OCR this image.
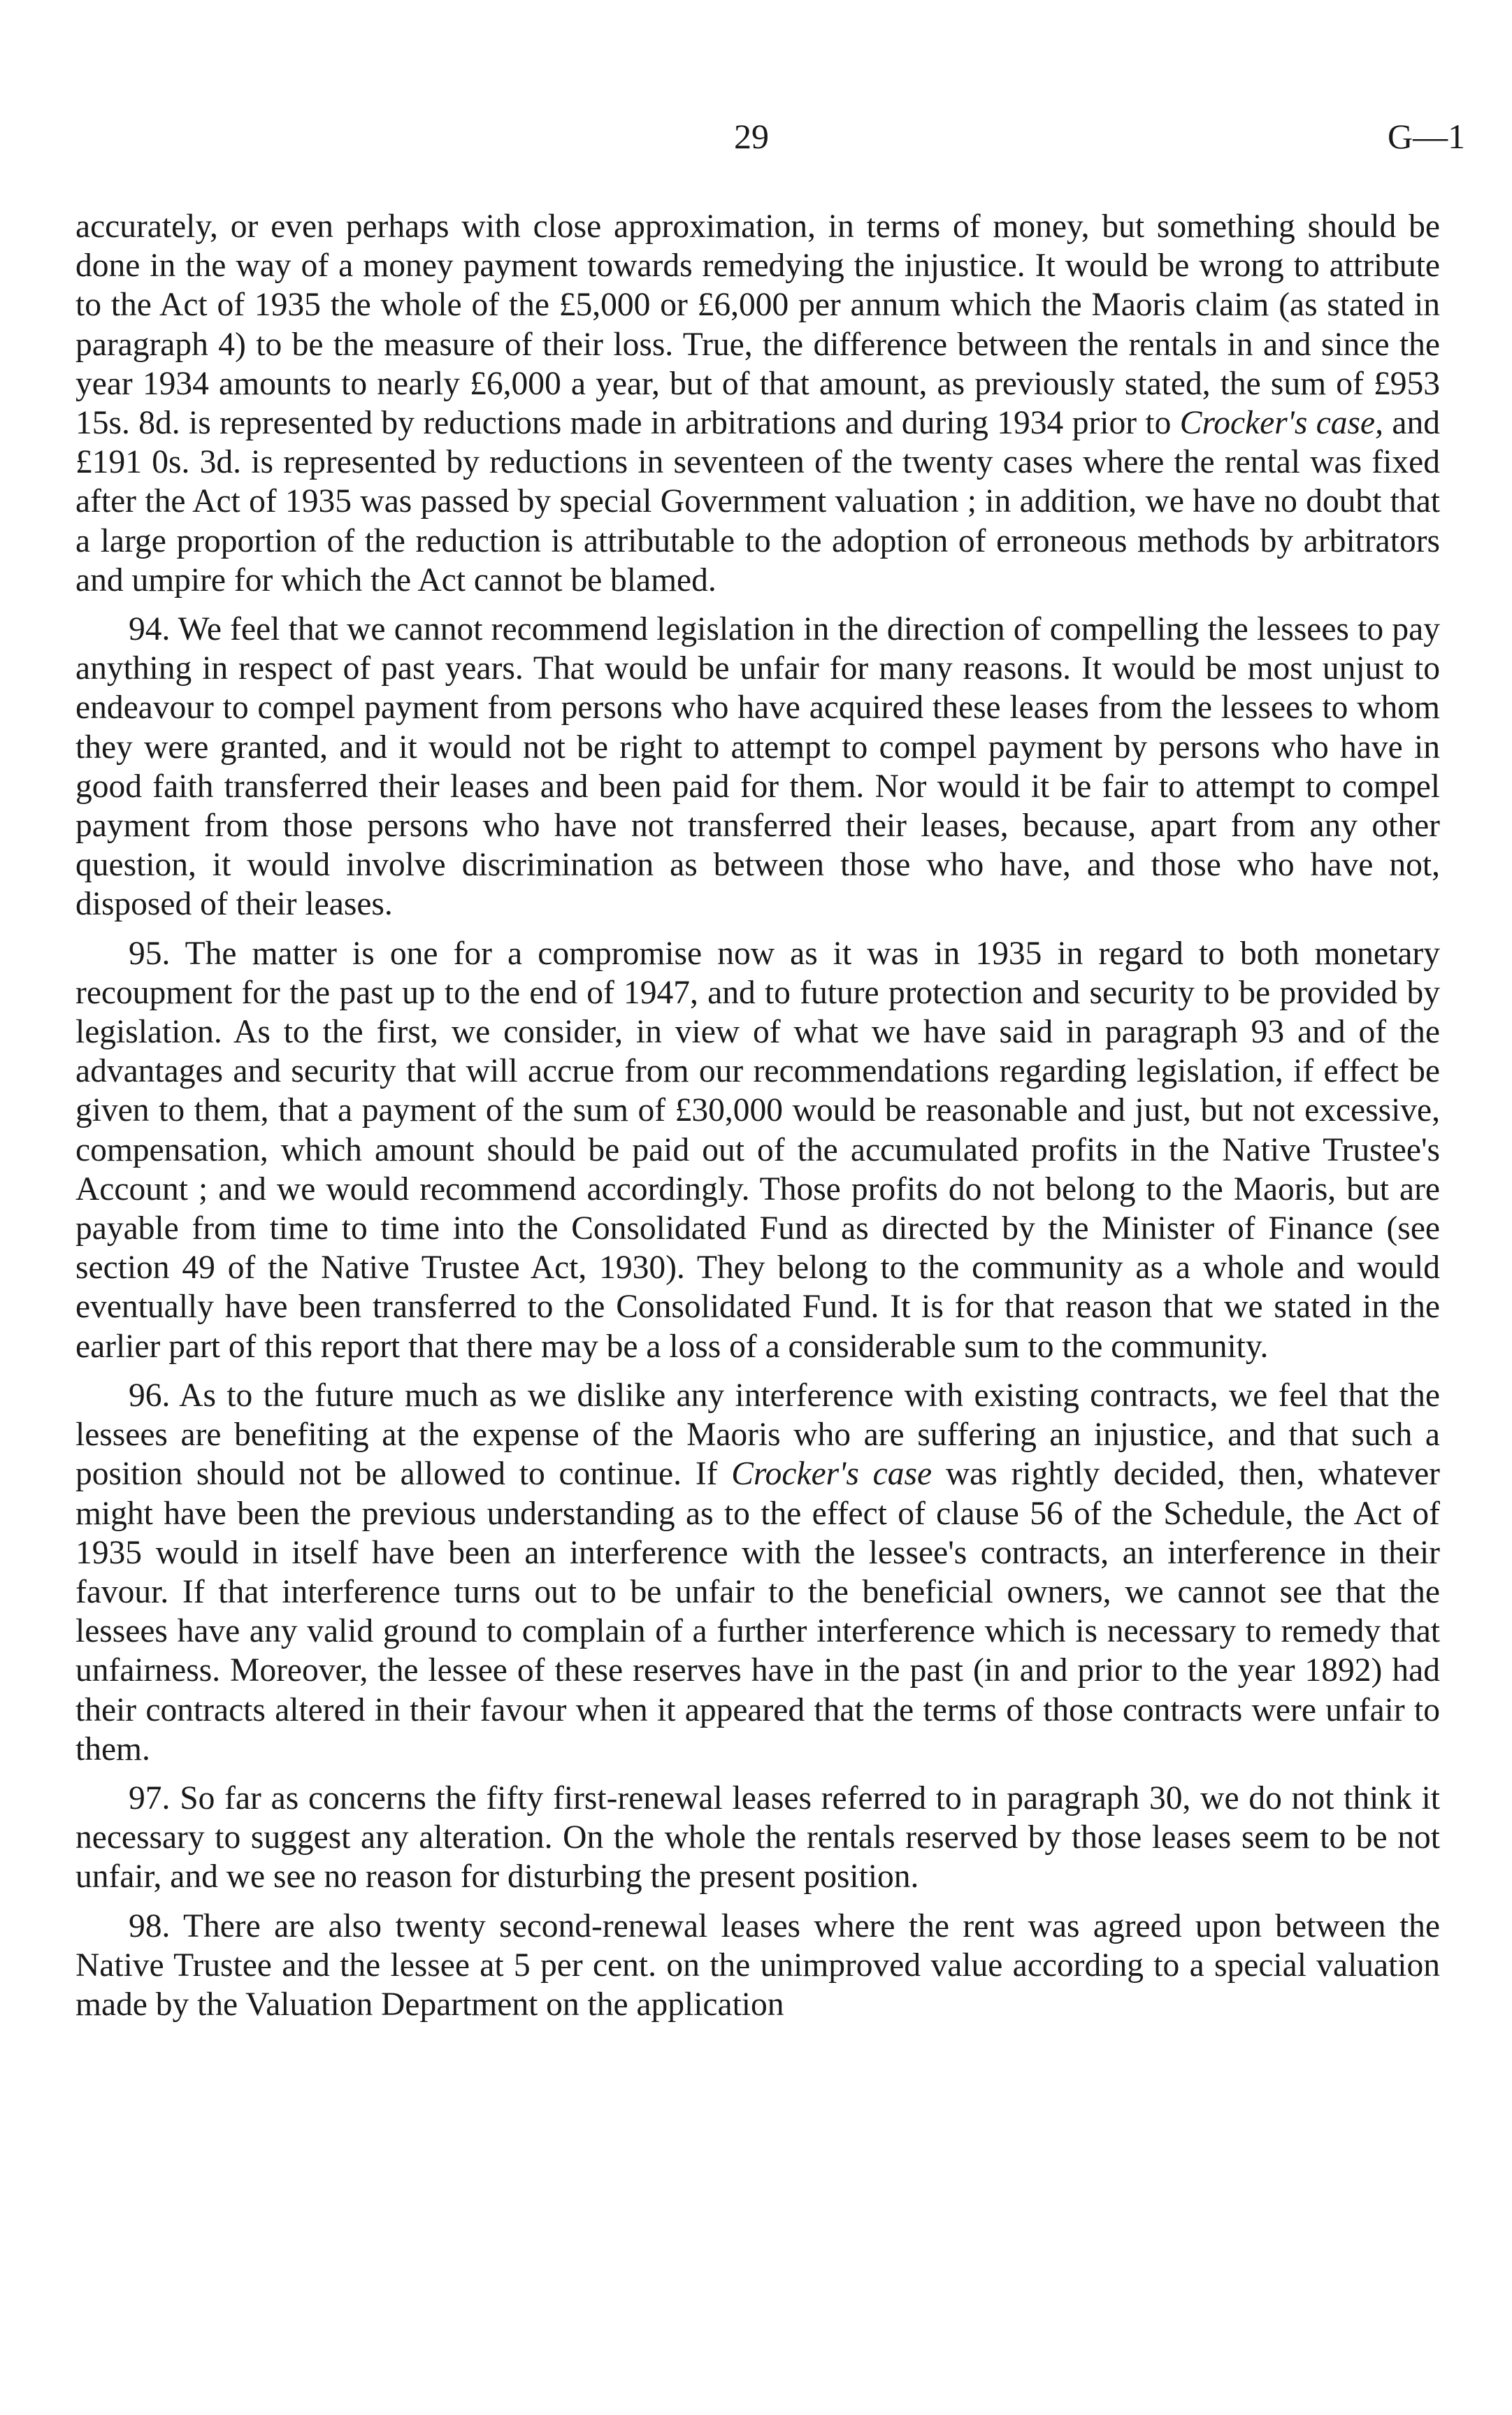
29	G—1

accurately, or even perhaps with close approximation, in terms of money, but something should be done in the way of a money payment towards remedying the injustice. It would be wrong to attribute to the Act of 1935 the whole of the £5,000 or £6,000 per annum which the Maoris claim (as stated in paragraph 4) to be the measure of their loss. True, the difference between the rentals in and since the year 1934 amounts to nearly £6,000 a year, but of that amount, as previously stated, the sum of £953 15s. 8d. is represented by reductions made in arbitrations and during 1934 prior to Crocker's case, and £191 0s. 3d. is represented by reductions in seventeen of the twenty cases where the rental was fixed after the Act of 1935 was passed by special Government valuation ; in addition, we have no doubt that a large proportion of the reduction is attributable to the adoption of erroneous methods by arbitrators and umpire for which the Act cannot be blamed.

94. We feel that we cannot recommend legislation in the direction of compelling the lessees to pay anything in respect of past years. That would be unfair for many reasons. It would be most unjust to endeavour to compel payment from persons who have acquired these leases from the lessees to whom they were granted, and it would not be right to attempt to compel payment by persons who have in good faith transferred their leases and been paid for them. Nor would it be fair to attempt to compel payment from those persons who have not transferred their leases, because, apart from any other question, it would involve discrimination as between those who have, and those who have not, disposed of their leases.

95. The matter is one for a compromise now as it was in 1935 in regard to both monetary recoupment for the past up to the end of 1947, and to future protection and security to be provided by legislation. As to the first, we consider, in view of what we have said in paragraph 93 and of the advantages and security that will accrue from our recommendations regarding legislation, if effect be given to them, that a payment of the sum of £30,000 would be reasonable and just, but not excessive, compensation, which amount should be paid out of the accumulated profits in the Native Trustee's Account ; and we would recommend accordingly. Those profits do not belong to the Maoris, but are payable from time to time into the Consolidated Fund as directed by the Minister of Finance (see section 49 of the Native Trustee Act, 1930). They belong to the community as a whole and would eventually have been transferred to the Consolidated Fund. It is for that reason that we stated in the earlier part of this report that there may be a loss of a considerable sum to the community.

96. As to the future much as we dislike any interference with existing contracts, we feel that the lessees are benefiting at the expense of the Maoris who are suffering an injustice, and that such a position should not be allowed to continue. If Crocker's case was rightly decided, then, whatever might have been the previous understanding as to the effect of clause 56 of the Schedule, the Act of 1935 would in itself have been an interference with the lessee's contracts, an interference in their favour. If that interference turns out to be unfair to the beneficial owners, we cannot see that the lessees have any valid ground to complain of a further interference which is necessary to remedy that unfairness. Moreover, the lessee of these reserves have in the past (in and prior to the year 1892) had their contracts altered in their favour when it appeared that the terms of those contracts were unfair to them.

97. So far as concerns the fifty first-renewal leases referred to in paragraph 30, we do not think it necessary to suggest any alteration. On the whole the rentals reserved by those leases seem to be not unfair, and we see no reason for disturbing the present position.

98. There are also twenty second-renewal leases where the rent was agreed upon between the Native Trustee and the lessee at 5 per cent. on the unimproved value according to a special valuation made by the Valuation Department on the application
